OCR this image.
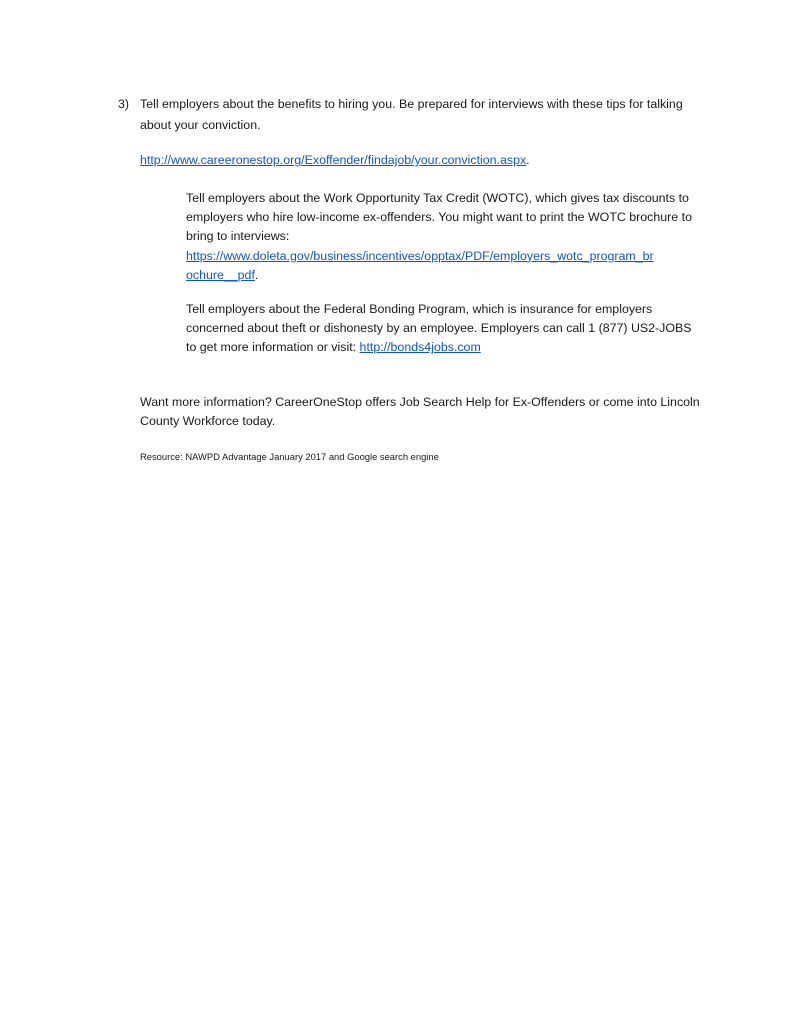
3) Tell employers about the benefits to hiring you. Be prepared for interviews with these tips for talking about your conviction.
http://www.careeronestop.org/Exoffender/findajob/your.conviction.aspx.
Tell employers about the Work Opportunity Tax Credit (WOTC), which gives tax discounts to employers who hire low-income ex-offenders. You might want to print the WOTC brochure to bring to interviews:
https://www.doleta.gov/business/incentives/opptax/PDF/employers_wotc_program_br
ochure__pdf.
Tell employers about the Federal Bonding Program, which is insurance for employers concerned about theft or dishonesty by an employee. Employers can call 1 (877) US2-JOBS to get more information or visit: http://bonds4jobs.com
Want more information? CareerOneStop offers Job Search Help for Ex-Offenders or come into Lincoln County Workforce today.
Resource: NAWPD Advantage January 2017 and Google search engine
